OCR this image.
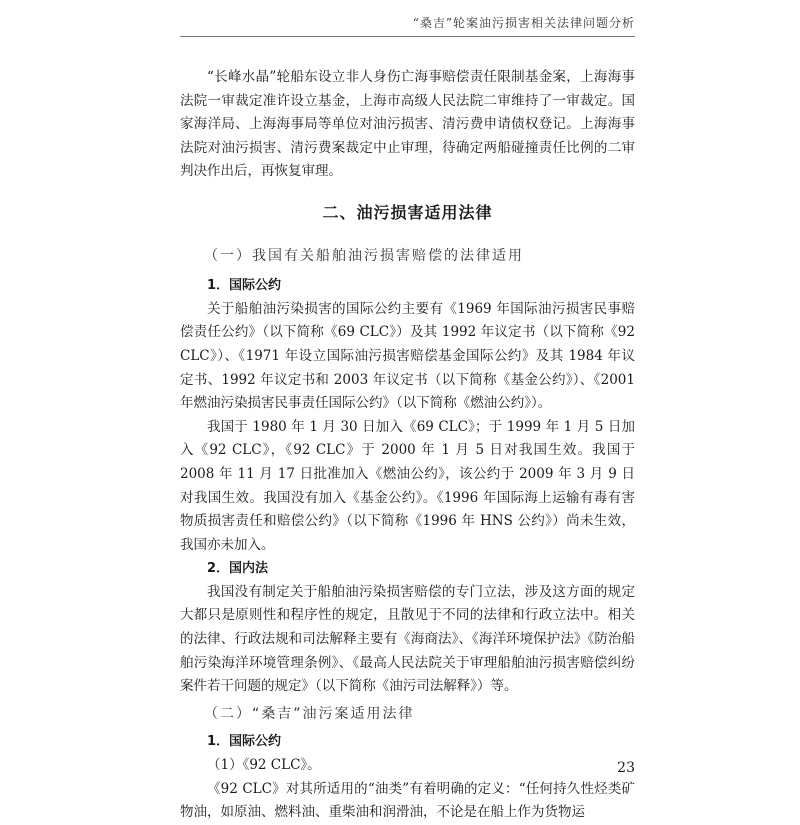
“桑吉”轮案油污损害相关法律问题分析

“长峰水晶”轮船东设立非人身伤亡海事赔偿责任限制基金案，上海海事法院一审裁定准许设立基金，上海市高级人民法院二审维持了一审裁定。国家海洋局、上海海事局等单位对油污损害、清污费申请债权登记。上海海事法院对油污损害、清污费案裁定中止审理，待确定两船碰撞责任比例的二审判决作出后，再恢复审理。

二、油污损害适用法律
（一）我国有关船舶油污损害赔偿的法律适用

1．国际公约

关于船舶油污染损害的国际公约主要有《1969 年国际油污损害民事赔偿责任公约》（以下简称《69 CLC》）及其 1992 年议定书（以下简称《92 CLC》）、《1971 年设立国际油污损害赔偿基金国际公约》及其 1984 年议定书、1992 年议定书和 2003 年议定书（以下简称《基金公约》）、《2001 年燃油污染损害民事责任国际公约》（以下简称《燃油公约》）。

我国于 1980 年 1 月 30 日加入《69 CLC》；于 1999 年 1 月 5 日加入《92 CLC》，《92 CLC》于 2000 年 1 月 5 日对我国生效。我国于 2008 年 11 月 17 日批准加入《燃油公约》，该公约于 2009 年 3 月 9 日对我国生效。我国没有加入《基金公约》。《1996 年国际海上运输有毒有害物质损害责任和赔偿公约》（以下简称《1996 年 HNS 公约》）尚未生效，我国亦未加入。

2．国内法

我国没有制定关于船舶油污染损害赔偿的专门立法，涉及这方面的规定大都只是原则性和程序性的规定，且散见于不同的法律和行政立法中。相关的法律、行政法规和司法解释主要有《海商法》、《海洋环境保护法》《防治船舶污染海洋环境管理条例》、《最高人民法院关于审理船舶油污损害赔偿纠纷案件若干问题的规定》（以下简称《油污司法解释》）等。

（二）“桑吉”油污案适用法律

1．国际公约

（1）《92 CLC》。

《92 CLC》对其所适用的“油类”有着明确的定义：“任何持久性烃类矿物油，如原油、燃料油、重柴油和润滑油，不论是在船上作为货物运

23
